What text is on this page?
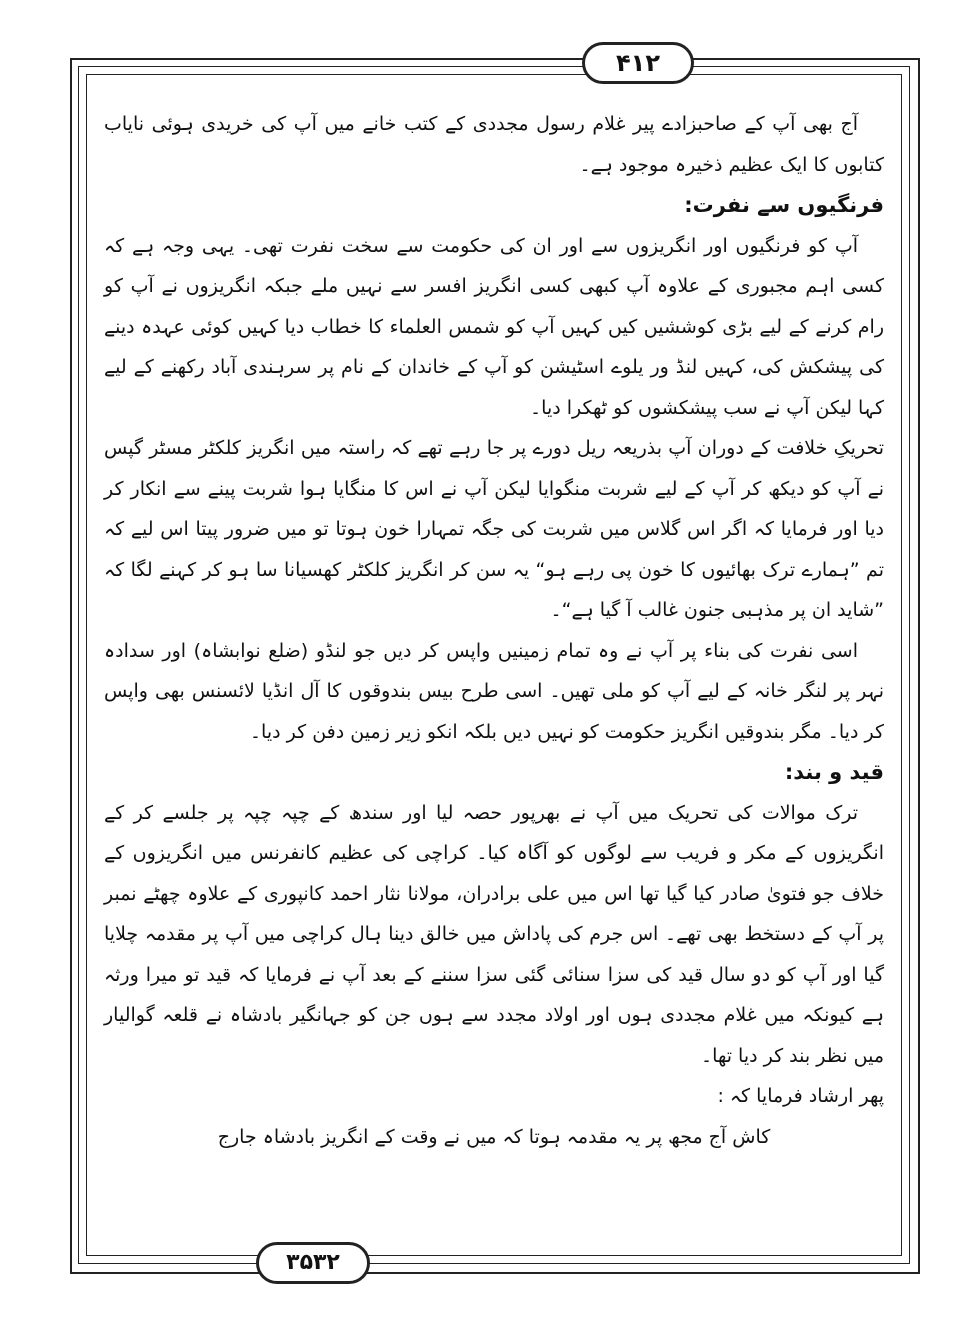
۴۱۲

آج بھی آپ کے صاحبزادے پیر غلام رسول مجددی کے کتب خانے میں آپ کی خریدی ہوئی نایاب کتابوں کا ایک عظیم ذخیرہ موجود ہے۔

فرنگیوں سے نفرت:

آپ کو فرنگیوں اور انگریزوں سے اور ان کی حکومت سے سخت نفرت تھی۔ یہی وجہ ہے کہ کسی اہم مجبوری کے علاوہ آپ کبھی کسی انگریز افسر سے نہیں ملے جبکہ انگریزوں نے آپ کو رام کرنے کے لیے بڑی کوششیں کیں کہیں آپ کو شمس العلماء کا خطاب دیا کہیں کوئی عہدہ دینے کی پیشکش کی، کہیں لنڈ ور یلوے اسٹیشن کو آپ کے خاندان کے نام پر سرہندی آباد رکھنے کے لیے کہا لیکن آپ نے سب پیشکشوں کو ٹھکرا دیا۔

تحریکِ خلافت کے دوران آپ بذریعہ ریل دورے پر جا رہے تھے کہ راستہ میں انگریز کلکٹر مسٹر گپس نے آپ کو دیکھ کر آپ کے لیے شربت منگوایا لیکن آپ نے اس کا منگایا ہوا شربت پینے سے انکار کر دیا اور فرمایا کہ اگر اس گلاس میں شربت کی جگہ تمہارا خون ہوتا تو میں ضرور پیتا اس لیے کہ تم ”ہمارے ترک بھائیوں کا خون پی رہے ہو“ یہ سن کر انگریز کلکٹر کھسیانا سا ہو کر کہنے لگا کہ ”شاید ان پر مذہبی جنون غالب آ گیا ہے“۔

اسی نفرت کی بناء پر آپ نے وہ تمام زمینیں واپس کر دیں جو لنڈو (ضلع نوابشاہ) اور سدادہ نہر پر لنگر خانہ کے لیے آپ کو ملی تھیں۔ اسی طرح بیس بندوقوں کا آل انڈیا لائسنس بھی واپس کر دیا۔ مگر بندوقیں انگریز حکومت کو نہیں دیں بلکہ انکو زیر زمین دفن کر دیا۔

قید و بند:

ترک موالات کی تحریک میں آپ نے بھرپور حصہ لیا اور سندھ کے چپہ چپہ پر جلسے کر کے انگریزوں کے مکر و فریب سے لوگوں کو آگاہ کیا۔ کراچی کی عظیم کانفرنس میں انگریزوں کے خلاف جو فتویٰ صادر کیا گیا تھا اس میں علی برادران، مولانا نثار احمد کانپوری کے علاوہ چھٹے نمبر پر آپ کے دستخط بھی تھے۔ اس جرم کی پاداش میں خالق دینا ہال کراچی میں آپ پر مقدمہ چلایا گیا اور آپ کو دو سال قید کی سزا سنائی گئی سزا سننے کے بعد آپ نے فرمایا کہ قید تو میرا ورثہ ہے کیونکہ میں غلام مجددی ہوں اور اولاد مجدد سے ہوں جن کو جہانگیر بادشاہ نے قلعہ گوالیار میں نظر بند کر دیا تھا۔

پھر ارشاد فرمایا کہ :

کاش آج مجھ پر یہ مقدمہ ہوتا کہ میں نے وقت کے انگریز بادشاہ جارج

۳۵۳۲
